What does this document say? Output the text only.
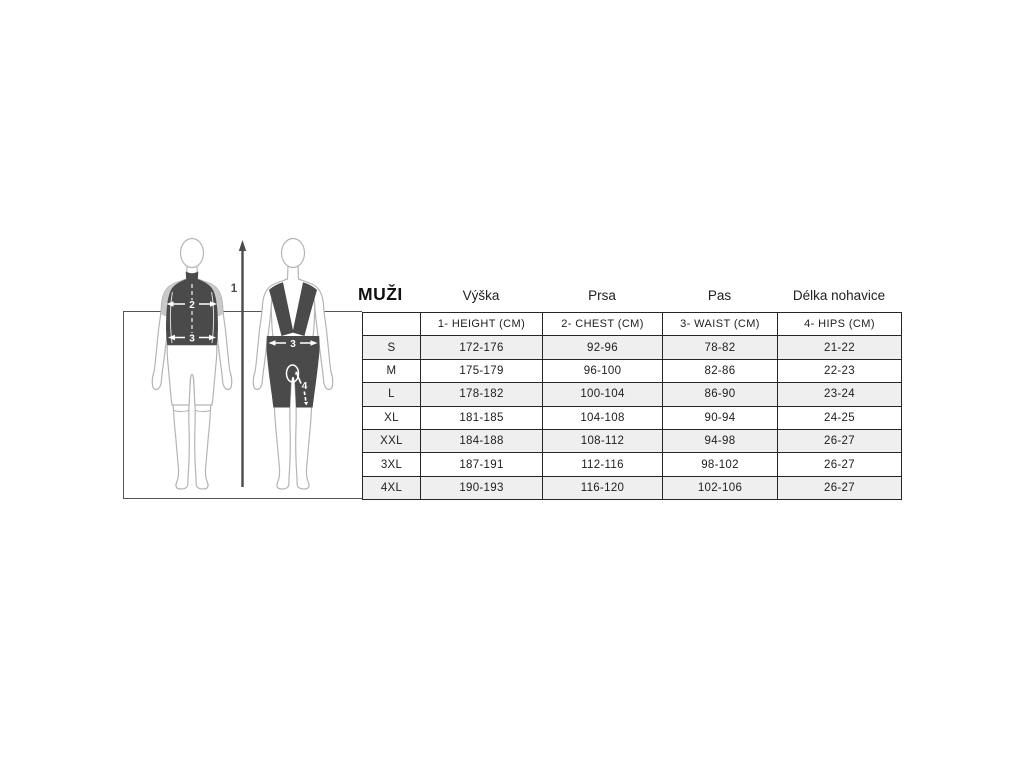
1
2
3	3
4
MUŽI	Výška	Prsa	Pas	Délka nohavice
	1- HEIGHT (CM)	2- CHEST (CM)	3- WAIST (CM)	4- HIPS (CM)
S	172-176	92-96	78-82	21-22
M	175-179	96-100	82-86	22-23
L	178-182	100-104	86-90	23-24
XL	181-185	104-108	90-94	24-25
XXL	184-188	108-112	94-98	26-27
3XL	187-191	112-116	98-102	26-27
4XL	190-193	116-120	102-106	26-27
